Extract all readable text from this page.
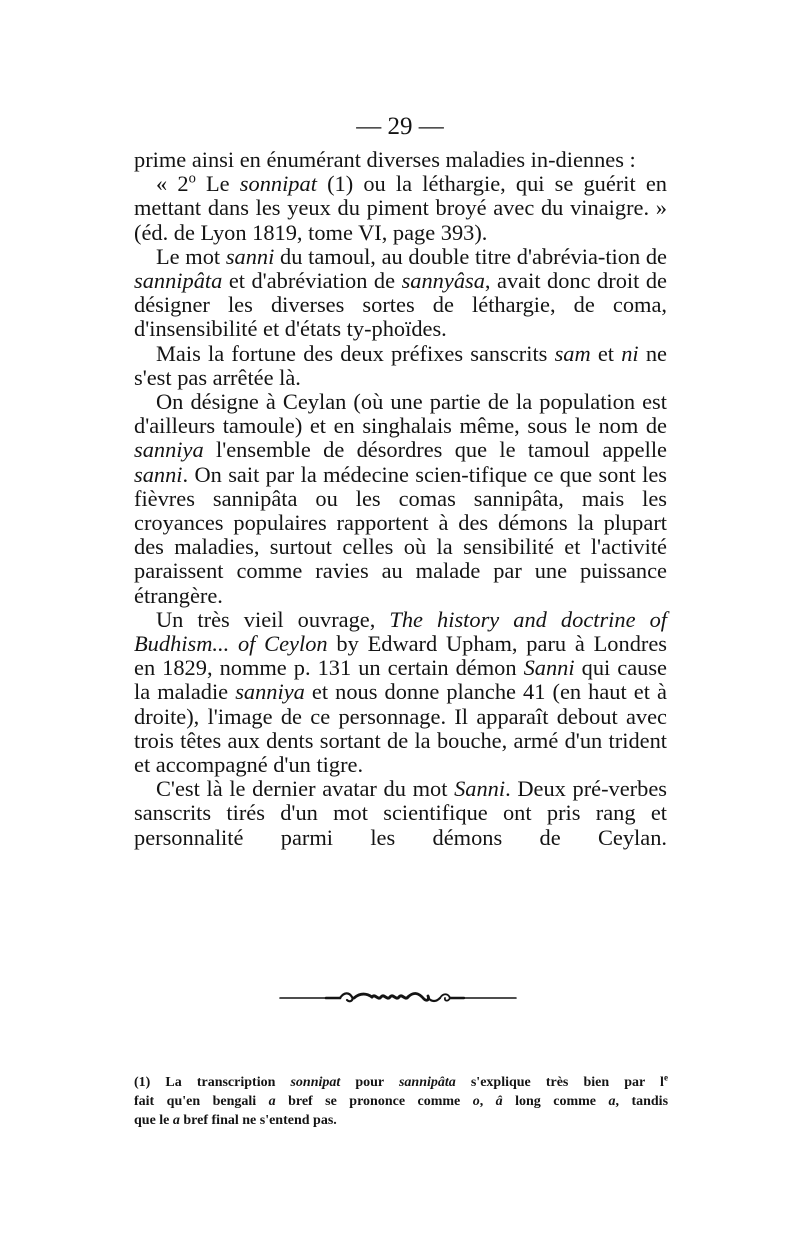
— 29 —

prime ainsi en énumérant diverses maladies in-diennes :

« 2$^o$ Le sonnipat (1) ou la léthargie, qui se guérit en mettant dans les yeux du piment broyé avec du vinaigre. » (éd. de Lyon 1819, tome VI, page 393).

Le mot sanni du tamoul, au double titre d'abrévia-tion de sannipâta et d'abréviation de sannyâsa, avait donc droit de désigner les diverses sortes de léthargie, de coma, d'insensibilité et d'états ty-phoïdes.

Mais la fortune des deux préfixes sanscrits sam et ni ne s'est pas arrêtée là.

On désigne à Ceylan (où une partie de la population est d'ailleurs tamoule) et en singhalais même, sous le nom de sanniya l'ensemble de désordres que le tamoul appelle sanni. On sait par la médecine scien-tifique ce que sont les fièvres sannipâta ou les comas sannipâta, mais les croyances populaires rapportent à des démons la plupart des maladies, surtout celles où la sensibilité et l'activité paraissent comme ravies au malade par une puissance étrangère.

Un très vieil ouvrage, The history and doctrine of Budhism... of Ceylon by Edward Upham, paru à Londres en 1829, nomme p. 131 un certain démon Sanni qui cause la maladie sanniya et nous donne planche 41 (en haut et à droite), l'image de ce personnage. Il apparaît debout avec trois têtes aux dents sortant de la bouche, armé d'un trident et accompagné d'un tigre.

C'est là le dernier avatar du mot Sanni. Deux pré-verbes sanscrits tirés d'un mot scientifique ont pris rang et personnalité parmi les démons de Ceylan.

(1) La transcription sonnipat pour sannipâta s'explique très bien par $l^e$
fait qu'en bengali a bref se prononce comme o, â long comme a, tandis
que le a bref final ne s'entend pas.
